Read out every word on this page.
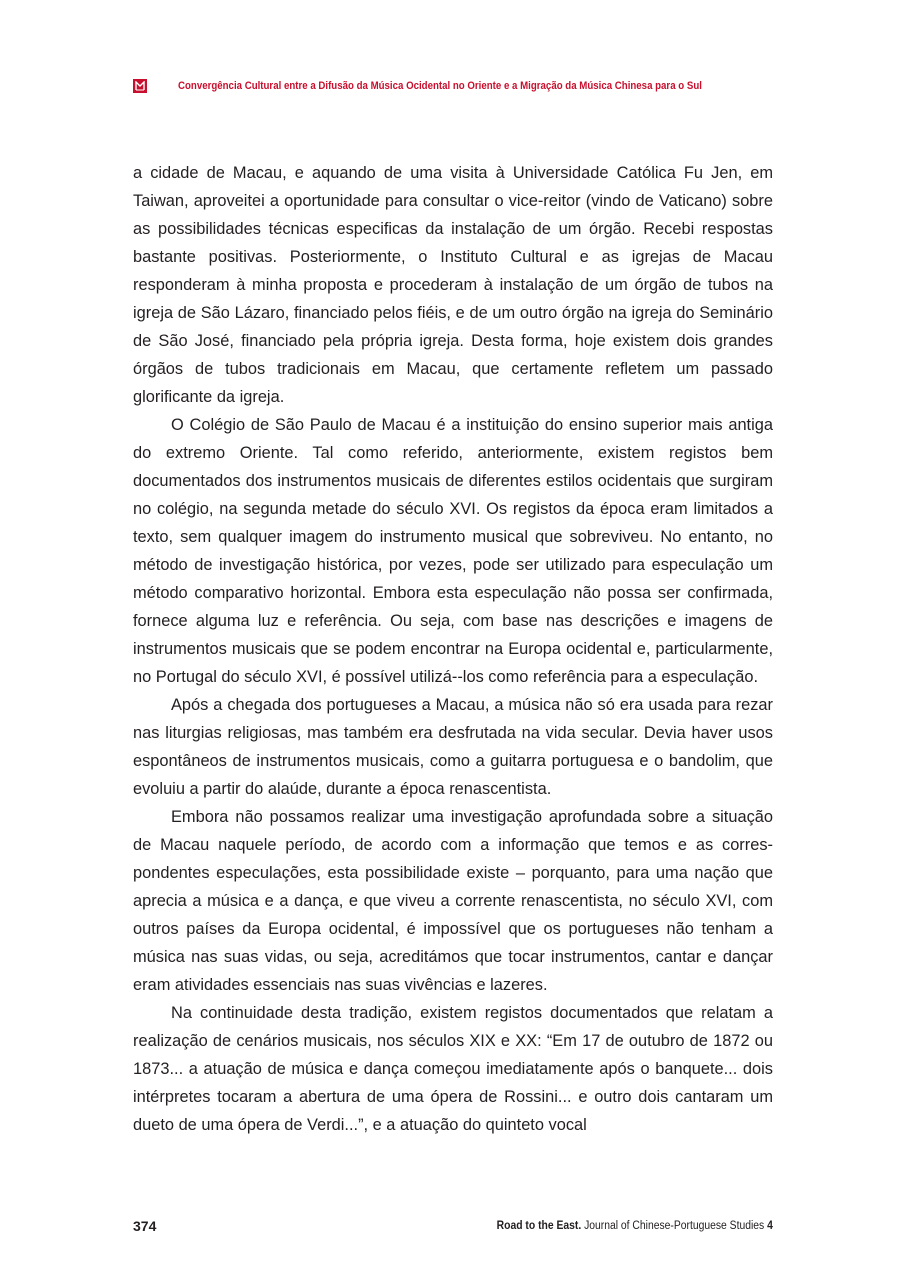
Convergência Cultural entre a Difusão da Música Ocidental no Oriente e a Migração da Música Chinesa para o Sul

a cidade de Macau, e aquando de uma visita à Universidade Católica Fu Jen, em Taiwan, aproveitei a oportunidade para consultar o vice-reitor (vindo de Vaticano) sobre as possibilidades técnicas especificas da instalação de um órgão. Recebi respostas bastante positivas. Posteriormente, o Instituto Cultural e as igrejas de Macau responderam à minha proposta e procederam à instalação de um órgão de tubos na igreja de São Lázaro, financiado pelos fiéis, e de um outro órgão na igreja do Seminário de São José, financiado pela própria igreja. Desta forma, hoje existem dois grandes órgãos de tubos tradicionais em Macau, que certamente refletem um passado glorificante da igreja.

O Colégio de São Paulo de Macau é a instituição do ensino superior mais antiga do extremo Oriente. Tal como referido, anteriormente, existem registos bem documentados dos instrumentos musicais de diferentes estilos ocidentais que surgiram no colégio, na segunda metade do século XVI. Os registos da época eram limitados a texto, sem qualquer imagem do instrumento musical que sobreviveu. No entanto, no método de investigação histórica, por vezes, pode ser utilizado para especulação um método comparativo horizontal. Embora esta especulação não possa ser confirmada, fornece alguma luz e referência. Ou seja, com base nas descrições e imagens de instrumentos musicais que se podem encontrar na Europa ocidental e, particularmente, no Portugal do século XVI, é possível utilizá-​-los como referência para a especulação.

Após a chegada dos portugueses a Macau, a música não só era usada para rezar nas liturgias religiosas, mas também era desfrutada na vida secular. Devia haver usos espontâneos de instrumentos musicais, como a guitarra portuguesa e o bandolim, que evoluiu a partir do alaúde, durante a época renascentista.

Embora não possamos realizar uma investigação aprofundada sobre a situação de Macau naquele período, de acordo com a informação que temos e as correspondentes especulações, esta possibilidade existe – porquanto, para uma nação que aprecia a música e a dança, e que viveu a corrente renascentista, no século XVI, com outros países da Europa ocidental, é impossível que os portugueses não tenham a música nas suas vidas, ou seja, acreditámos que tocar instrumentos, cantar e dançar eram atividades essenciais nas suas vivências e lazeres.

Na continuidade desta tradição, existem registos documentados que relatam a realização de cenários musicais, nos séculos XIX e XX: “Em 17 de outubro de 1872 ou 1873... a atuação de música e dança começou imediatamente após o banquete... dois intérpretes tocaram a abertura de uma ópera de Rossini... e outro dois cantaram um dueto de uma ópera de Verdi...”, e a atuação do quinteto vocal

374	Road to the East. Journal of Chinese-Portuguese Studies 4
